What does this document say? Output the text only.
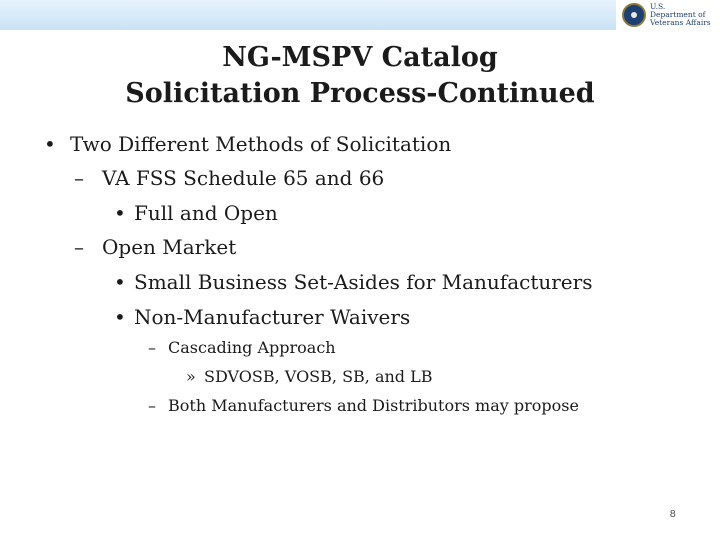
U.S. Department of Veterans Affairs
NG-MSPV Catalog
Solicitation Process-Continued
• Two Different Methods of Solicitation
– VA FSS Schedule 65 and 66
• Full and Open
– Open Market
• Small Business Set-Asides for Manufacturers
• Non-Manufacturer Waivers
– Cascading Approach
» SDVOSB, VOSB, SB, and LB
– Both Manufacturers and Distributors may propose
8
